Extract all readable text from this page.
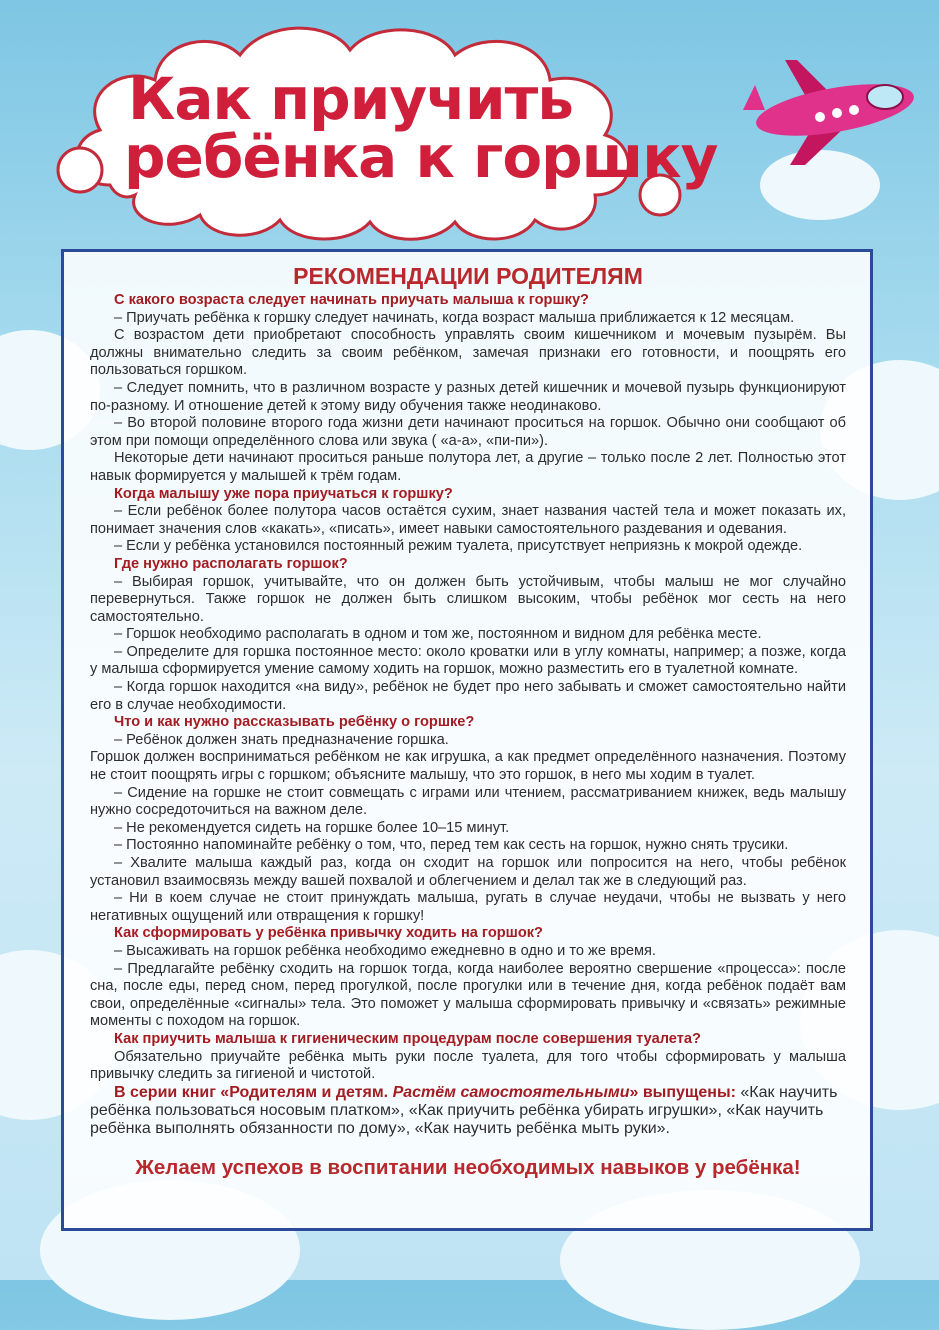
Как приучить
ребёнка к горшку
РЕКОМЕНДАЦИИ РОДИТЕЛЯМ

С какого возраста следует начинать приучать малыша к горшку?

– Приучать ребёнка к горшку следует начинать, когда возраст малыша приближается к 12 месяцам.

С возрастом дети приобретают способность управлять своим кишечником и мочевым пузырём. Вы должны внимательно следить за своим ребёнком, замечая признаки его готовности, и поощрять его пользоваться горшком.

– Следует помнить, что в различном возрасте у разных детей кишечник и мочевой пузырь функционируют по-разному. И отношение детей к этому виду обучения также неодинаково.

– Во второй половине второго года жизни дети начинают проситься на горшок. Обычно они сообщают об этом при помощи определённого слова или звука ( «а-а», «пи-пи»).

Некоторые дети начинают проситься раньше полутора лет, а другие – только после 2 лет. Полностью этот навык формируется у малышей к трём годам.

Когда малышу уже пора приучаться к горшку?

– Если ребёнок более полутора часов остаётся сухим, знает названия частей тела и может показать их, понимает значения слов «какать», «писать», имеет навыки самостоятельного раздевания и одевания.

– Если у ребёнка установился постоянный режим туалета, присутствует неприязнь к мокрой одежде.

Где нужно располагать горшок?

– Выбирая горшок, учитывайте, что он должен быть устойчивым, чтобы малыш не мог случайно перевернуться. Также горшок не должен быть слишком высоким, чтобы ребёнок мог сесть на него самостоятельно.

– Горшок необходимо располагать в одном и том же, постоянном и видном для ребёнка месте.

– Определите для горшка постоянное место: около кроватки или в углу комнаты, например; а позже, когда у малыша сформируется умение самому ходить на горшок, можно разместить его в туалетной комнате.

– Когда горшок находится «на виду», ребёнок не будет про него забывать и сможет самостоятельно найти его в случае необходимости.

Что и как нужно рассказывать ребёнку о горшке?

– Ребёнок должен знать предназначение горшка.

Горшок должен восприниматься ребёнком не как игрушка, а как предмет определённого назначения. Поэтому не стоит поощрять игры с горшком; объясните малышу, что это горшок, в него мы ходим в туалет.

– Сидение на горшке не стоит совмещать с играми или чтением, рассматриванием книжек, ведь малышу нужно сосредоточиться на важном деле.

– Не рекомендуется сидеть на горшке более 10–15 минут.

– Постоянно напоминайте ребёнку о том, что, перед тем как сесть на горшок, нужно снять трусики.

– Хвалите малыша каждый раз, когда он сходит на горшок или попросится на него, чтобы ребёнок установил взаимосвязь между вашей похвалой и облегчением и делал так же в следующий раз.

– Ни в коем случае не стоит принуждать малыша, ругать в случае неудачи, чтобы не вызвать у него негативных ощущений или отвращения к горшку!

Как сформировать у ребёнка привычку ходить на горшок?

– Высаживать на горшок ребёнка необходимо ежедневно в одно и то же время.

– Предлагайте ребёнку сходить на горшок тогда, когда наиболее вероятно свершение «процесса»: после сна, после еды, перед сном, перед прогулкой, после прогулки или в течение дня, когда ребёнок подаёт вам свои, определённые «сигналы» тела. Это поможет у малыша сформировать привычку и «связать» режимные моменты с походом на горшок.

Как приучить малыша к гигиеническим процедурам после совершения туалета?

Обязательно приучайте ребёнка мыть руки после туалета, для того чтобы сформировать у малыша привычку следить за гигиеной и чистотой.

В серии книг «Родителям и детям. Растём самостоятельными» выпущены: «Как научить ребёнка пользоваться носовым платком», «Как приучить ребёнка убирать игрушки», «Как научить ребёнка выполнять обязанности по дому», «Как научить ребёнка мыть руки».

Желаем успехов в воспитании необходимых навыков у ребёнка!
